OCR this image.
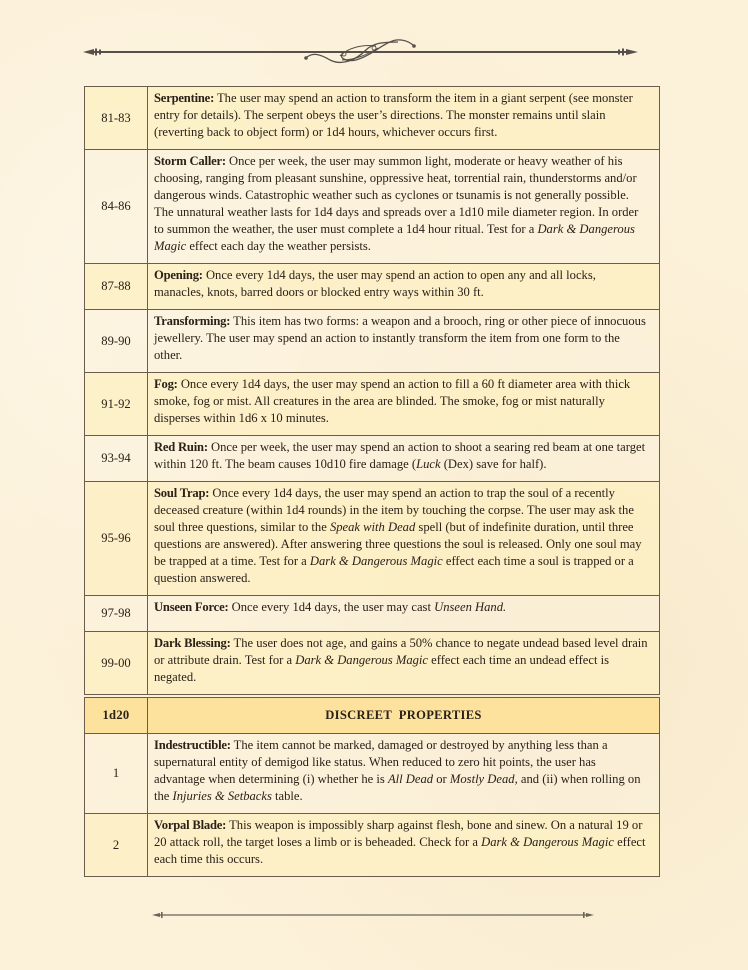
81-83	Serpentine: The user may spend an action to transform the item in a giant serpent (see monster entry for details). The serpent obeys the user’s directions. The monster remains until slain (reverting back to object form) or 1d4 hours, whichever occurs first.
84-86	Storm Caller: Once per week, the user may summon light, moderate or heavy weather of his choosing, ranging from pleasant sunshine, oppressive heat, torrential rain, thunderstorms and/or dangerous winds. Catastrophic weather such as cyclones or tsunamis is not generally possible. The unnatural weather lasts for 1d4 days and spreads over a 1d10 mile diameter region. In order to summon the weather, the user must complete a 1d4 hour ritual. Test for a Dark & Dangerous Magic effect each day the weather persists.
87-88	Opening: Once every 1d4 days, the user may spend an action to open any and all locks, manacles, knots, barred doors or blocked entry ways within 30 ft.
89-90	Transforming: This item has two forms: a weapon and a brooch, ring or other piece of innocuous jewellery. The user may spend an action to instantly transform the item from one form to the other.
91-92	Fog: Once every 1d4 days, the user may spend an action to fill a 60 ft diameter area with thick smoke, fog or mist. All creatures in the area are blinded. The smoke, fog or mist naturally disperses within 1d6 x 10 minutes.
93-94	Red Ruin: Once per week, the user may spend an action to shoot a searing red beam at one target within 120 ft. The beam causes 10d10 fire damage (Luck (Dex) save for half).
95-96	Soul Trap: Once every 1d4 days, the user may spend an action to trap the soul of a recently deceased creature (within 1d4 rounds) in the item by touching the corpse. The user may ask the soul three questions, similar to the Speak with Dead spell (but of indefinite duration, until three questions are answered). After answering three questions the soul is released. Only one soul may be trapped at a time. Test for a Dark & Dangerous Magic effect each time a soul is trapped or a question answered.
97-98	Unseen Force: Once every 1d4 days, the user may cast Unseen Hand.
99-00	Dark Blessing: The user does not age, and gains a 50% chance to negate undead based level drain or attribute drain. Test for a Dark & Dangerous Magic effect each time an undead effect is negated.
1d20	DISCREET  PROPERTIES
1	Indestructible: The item cannot be marked, damaged or destroyed by anything less than a supernatural entity of demigod like status. When reduced to zero hit points, the user has advantage when determining (i) whether he is All Dead or Mostly Dead, and (ii) when rolling on the Injuries & Setbacks table.
2	Vorpal Blade: This weapon is impossibly sharp against flesh, bone and sinew. On a natural 19 or 20 attack roll, the target loses a limb or is beheaded. Check for a Dark & Dangerous Magic effect each time this occurs.
